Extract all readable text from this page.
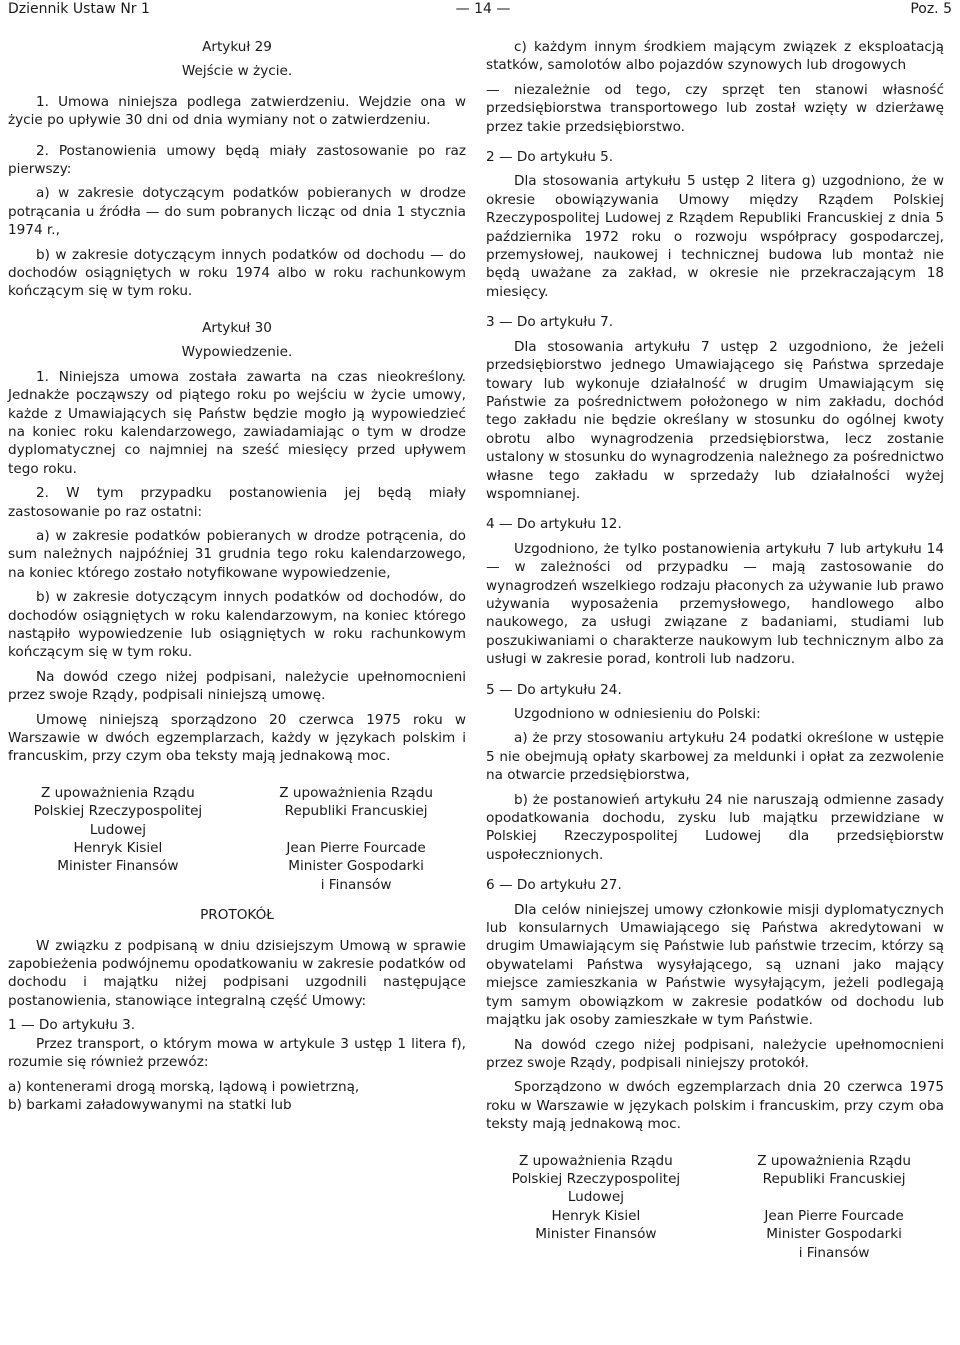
Dziennik Ustaw Nr 1	— 14 —	Poz. 5
Artykuł 29
Wejście w życie.

1. Umowa niniejsza podlega zatwierdzeniu. Wejdzie ona w życie po upływie 30 dni od dnia wymiany not o zatwierdzeniu.

2. Postanowienia umowy będą miały zastosowanie po raz pierwszy:

a) w zakresie dotyczącym podatków pobieranych w drodze potrącania u źródła — do sum pobranych licząc od dnia 1 stycznia 1974 r.,

b) w zakresie dotyczącym innych podatków od dochodu — do dochodów osiągniętych w roku 1974 albo w roku rachunkowym kończącym się w tym roku.

Artykuł 30
Wypowiedzenie.

1. Niniejsza umowa została zawarta na czas nieokreślony. Jednakże począwszy od piątego roku po wejściu w życie umowy, każde z Umawiających się Państw będzie mogło ją wypowiedzieć na koniec roku kalendarzowego, zawiadamiając o tym w drodze dyplomatycznej co najmniej na sześć miesięcy przed upływem tego roku.

2. W tym przypadku postanowienia jej będą miały zastosowanie po raz ostatni:

a) w zakresie podatków pobieranych w drodze potrącenia, do sum należnych najpóźniej 31 grudnia tego roku kalendarzowego, na koniec którego zostało notyfikowane wypowiedzenie,

b) w zakresie dotyczącym innych podatków od dochodów, do dochodów osiągniętych w roku kalendarzowym, na koniec którego nastąpiło wypowiedzenie lub osiągniętych w roku rachunkowym kończącym się w tym roku.

Na dowód czego niżej podpisani, należycie upełnomocnieni przez swoje Rządy, podpisali niniejszą umowę.

Umowę niniejszą sporządzono 20 czerwca 1975 roku w Warszawie w dwóch egzemplarzach, każdy w językach polskim i francuskim, przy czym oba teksty mają jednakową moc.

Z upoważnienia Rządu
Polskiej Rzeczypospolitej
Ludowej
Henryk Kisiel
Minister Finansów
Z upoważnienia Rządu
Republiki Francuskiej

Jean Pierre Fourcade
Minister Gospodarki
i Finansów
PROTOKÓŁ

W związku z podpisaną w dniu dzisiejszym Umową w sprawie zapobieżenia podwójnemu opodatkowaniu w zakresie podatków od dochodu i majątku niżej podpisani uzgodnili następujące postanowienia, stanowiące integralną część Umowy:

1 — Do artykułu 3.

Przez transport, o którym mowa w artykule 3 ustęp 1 litera f), rozumie się również przewóz:

a) kontenerami drogą morską, lądową i powietrzną,

b) barkami załadowywanymi na statki lub

c) każdym innym środkiem mającym związek z eksploatacją statków, samolotów albo pojazdów szynowych lub drogowych

— niezależnie od tego, czy sprzęt ten stanowi własność przedsiębiorstwa transportowego lub został wzięty w dzierżawę przez takie przedsiębiorstwo.

2 — Do artykułu 5.

Dla stosowania artykułu 5 ustęp 2 litera g) uzgodniono, że w okresie obowiązywania Umowy między Rządem Polskiej Rzeczypospolitej Ludowej z Rządem Republiki Francuskiej z dnia 5 października 1972 roku o rozwoju współpracy gospodarczej, przemysłowej, naukowej i technicznej budowa lub montaż nie będą uważane za zakład, w okresie nie przekraczającym 18 miesięcy.

3 — Do artykułu 7.

Dla stosowania artykułu 7 ustęp 2 uzgodniono, że jeżeli przedsiębiorstwo jednego Umawiającego się Państwa sprzedaje towary lub wykonuje działalność w drugim Umawiającym się Państwie za pośrednictwem położonego w nim zakładu, dochód tego zakładu nie będzie określany w stosunku do ogólnej kwoty obrotu albo wynagrodzenia przedsiębiorstwa, lecz zostanie ustalony w stosunku do wynagrodzenia należnego za pośrednictwo własne tego zakładu w sprzedaży lub działalności wyżej wspomnianej.

4 — Do artykułu 12.

Uzgodniono, że tylko postanowienia artykułu 7 lub artykułu 14 — w zależności od przypadku — mają zastosowanie do wynagrodzeń wszelkiego rodzaju płaconych za używanie lub prawo używania wyposażenia przemysłowego, handlowego albo naukowego, za usługi związane z badaniami, studiami lub poszukiwaniami o charakterze naukowym lub technicznym albo za usługi w zakresie porad, kontroli lub nadzoru.

5 — Do artykułu 24.

Uzgodniono w odniesieniu do Polski:

a) że przy stosowaniu artykułu 24 podatki określone w ustępie 5 nie obejmują opłaty skarbowej za meldunki i opłat za zezwolenie na otwarcie przedsiębiorstwa,

b) że postanowień artykułu 24 nie naruszają odmienne zasady opodatkowania dochodu, zysku lub majątku przewidziane w Polskiej Rzeczypospolitej Ludowej dla przedsiębiorstw uspołecznionych.

6 — Do artykułu 27.

Dla celów niniejszej umowy członkowie misji dyplomatycznych lub konsularnych Umawiającego się Państwa akredytowani w drugim Umawiającym się Państwie lub państwie trzecim, którzy są obywatelami Państwa wysyłającego, są uznani jako mający miejsce zamieszkania w Państwie wysyłającym, jeżeli podlegają tym samym obowiązkom w zakresie podatków od dochodu lub majątku jak osoby zamieszkałe w tym Państwie.

Na dowód czego niżej podpisani, należycie upełnomocnieni przez swoje Rządy, podpisali niniejszy protokół.

Sporządzono w dwóch egzemplarzach dnia 20 czerwca 1975 roku w Warszawie w językach polskim i francuskim, przy czym oba teksty mają jednakową moc.

Z upoważnienia Rządu
Polskiej Rzeczypospolitej
Ludowej
Henryk Kisiel
Minister Finansów
Z upoważnienia Rządu
Republiki Francuskiej

Jean Pierre Fourcade
Minister Gospodarki
i Finansów
